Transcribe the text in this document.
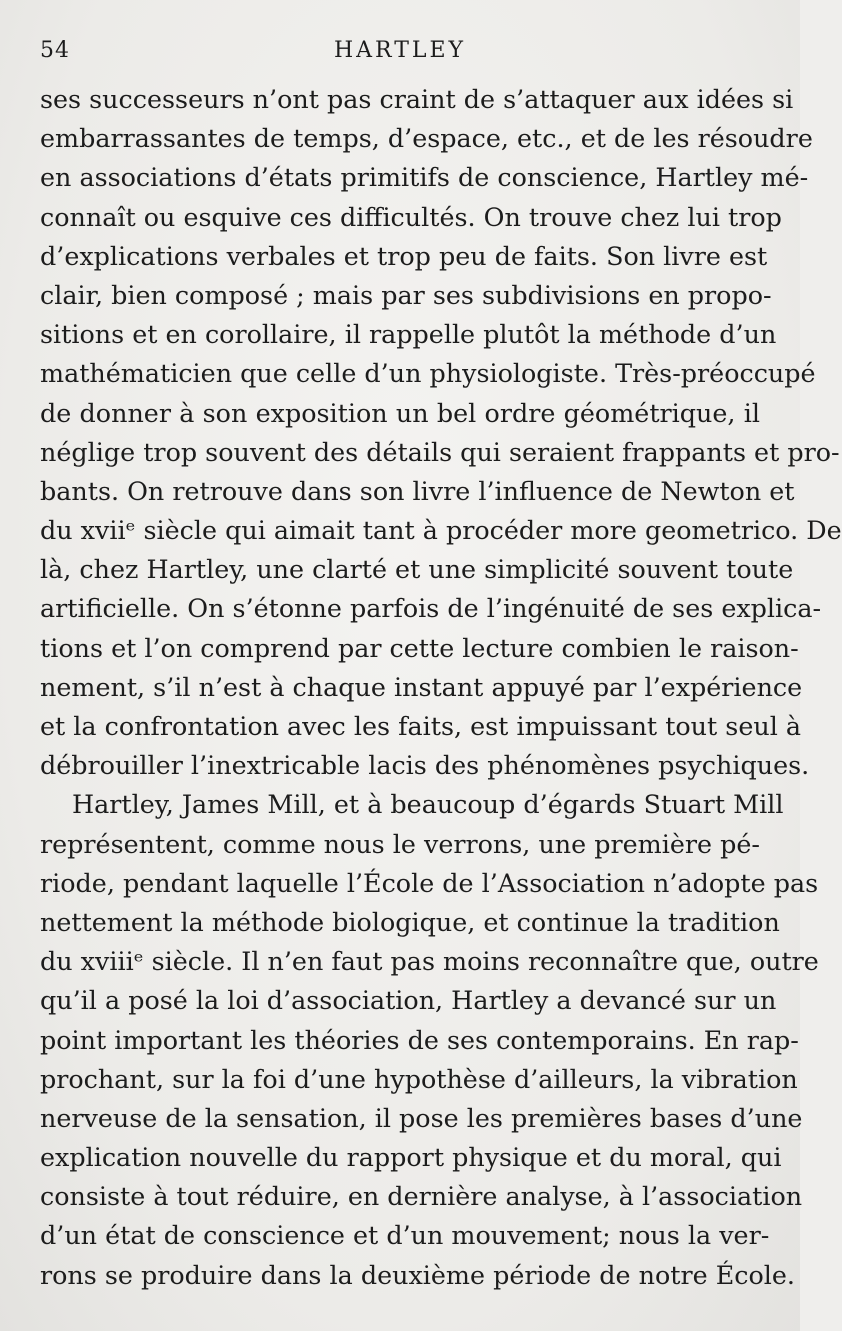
54	HARTLEY
ses successeurs n’ont pas craint de s’attaquer aux idées si
embarrassantes de temps, d’espace, etc., et de les résoudre
en associations d’états primitifs de conscience, Hartley mé-
connaît ou esquive ces difficultés. On trouve chez lui trop
d’explications verbales et trop peu de faits. Son livre est
clair, bien composé ; mais par ses subdivisions en propo-
sitions et en corollaire, il rappelle plutôt la méthode d’un
mathématicien que celle d’un physiologiste. Très-préoccupé
de donner à son exposition un bel ordre géométrique, il
néglige trop souvent des détails qui seraient frappants et pro-
bants. On retrouve dans son livre l’influence de Newton et
du xviiᵉ siècle qui aimait tant à procéder more geometrico. De
là, chez Hartley, une clarté et une simplicité souvent toute
artificielle. On s’étonne parfois de l’ingénuité de ses explica-
tions et l’on comprend par cette lecture combien le raison-
nement, s’il n’est à chaque instant appuyé par l’expérience
et la confrontation avec les faits, est impuissant tout seul à
débrouiller l’inextricable lacis des phénomènes psychiques.
Hartley, James Mill, et à beaucoup d’égards Stuart Mill
représentent, comme nous le verrons, une première pé-
riode, pendant laquelle l’École de l’Association n’adopte pas
nettement la méthode biologique, et continue la tradition
du xviiiᵉ siècle. Il n’en faut pas moins reconnaître que, outre
qu’il a posé la loi d’association, Hartley a devancé sur un
point important les théories de ses contemporains. En rap-
prochant, sur la foi d’une hypothèse d’ailleurs, la vibration
nerveuse de la sensation, il pose les premières bases d’une
explication nouvelle du rapport physique et du moral, qui
consiste à tout réduire, en dernière analyse, à l’association
d’un état de conscience et d’un mouvement; nous la ver-
rons se produire dans la deuxième période de notre École.
